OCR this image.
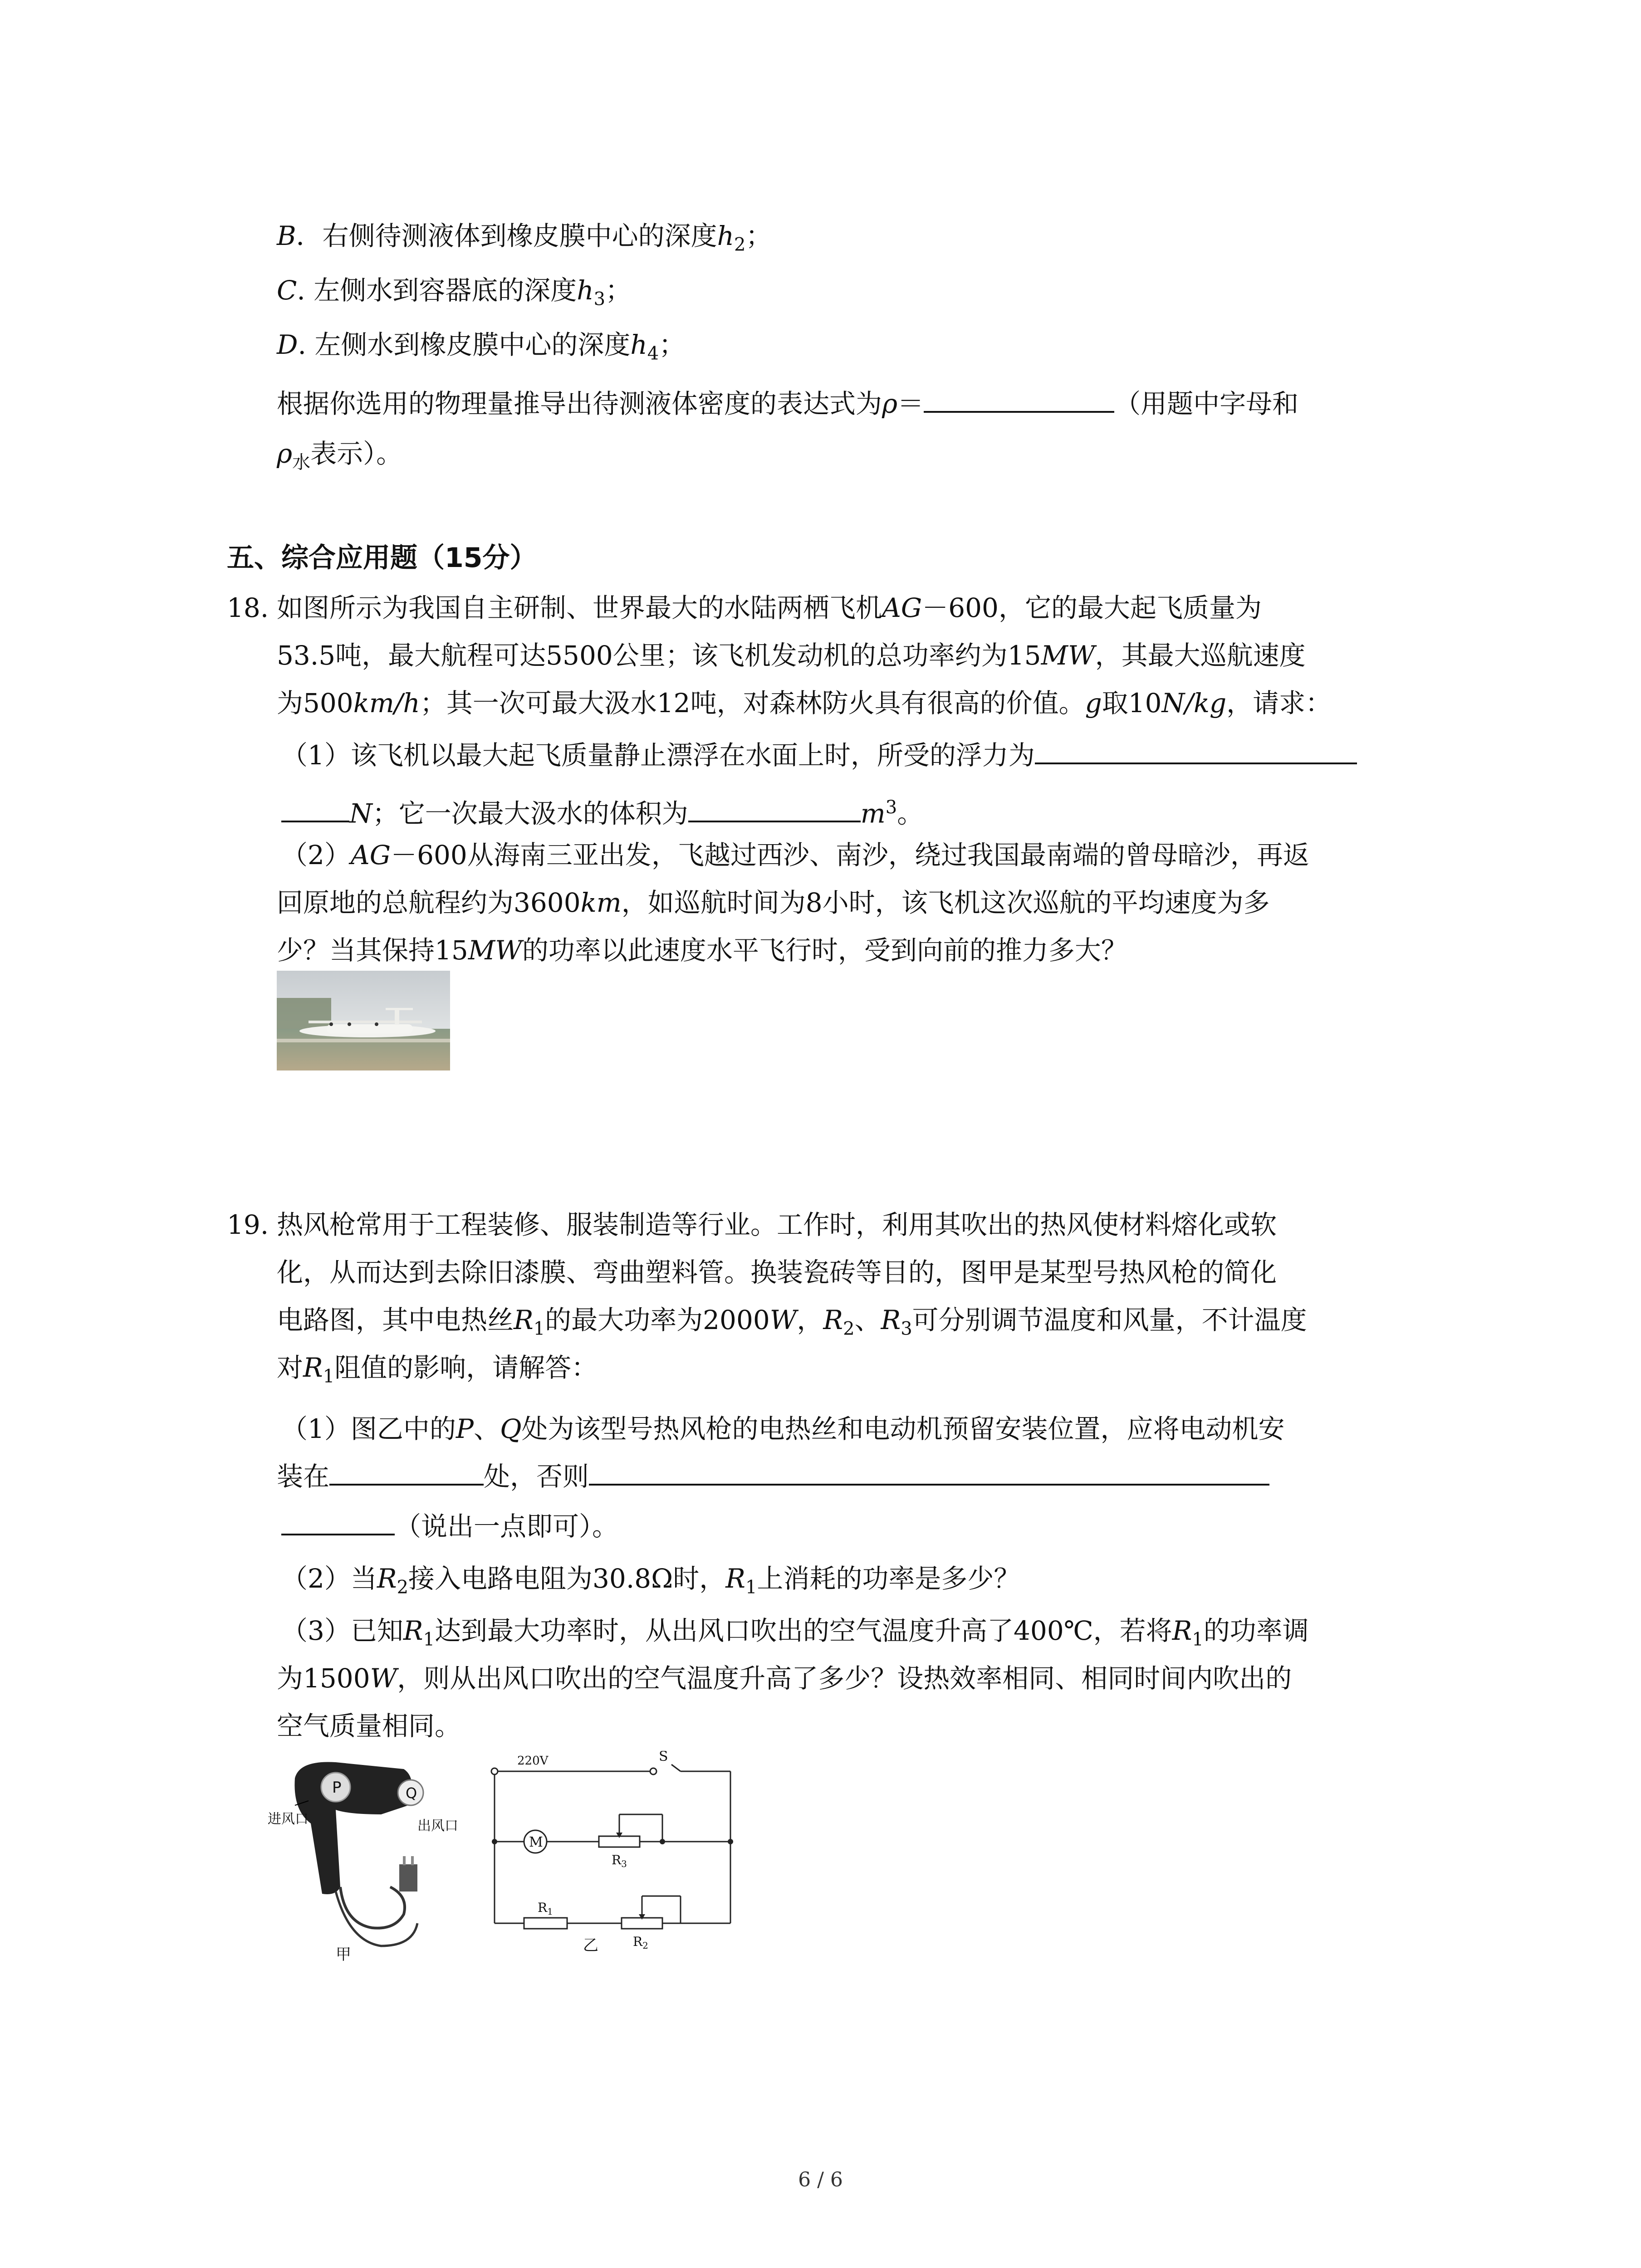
B．右侧待测液体到橡皮膜中心的深度$h_2$；
C. 左侧水到容器底的深度$h_3$；
D. 左侧水到橡皮膜中心的深度$h_4$；
根据你选用的物理量推导出待测液体密度的表达式为ρ＝	（用题中字母和
$\rho_水$表示）。
五、综合应用题（15分）
18. 如图所示为我国自主研制、世界最大的水陆两栖飞机AG－600，它的最大起飞质量为
53.5吨，最大航程可达5500公里；该飞机发动机的总功率约为15MW，其最大巡航速度
为500km/h；其一次可最大汲水12吨，对森林防火具有很高的价值。g取10N/kg，请求：
（1）该飞机以最大起飞质量静止漂浮在水面上时，所受的浮力为
N；它一次最大汲水的体积为	$m^3$。
（2）AG－600从海南三亚出发，飞越过西沙、南沙，绕过我国最南端的曾母暗沙，再返
回原地的总航程约为3600km，如巡航时间为8小时，该飞机这次巡航的平均速度为多
少？当其保持15MW的功率以此速度水平飞行时，受到向前的推力多大？
19. 热风枪常用于工程装修、服装制造等行业。工作时，利用其吹出的热风使材料熔化或软
化，从而达到去除旧漆膜、弯曲塑料管。换装瓷砖等目的，图甲是某型号热风枪的简化
电路图，其中电热丝$R_1$的最大功率为2000W，$R_2$、$R_3$可分别调节温度和风量，不计温度
对$R_1$阻值的影响，请解答：
（1）图乙中的P、Q处为该型号热风枪的电热丝和电动机预留安装位置，应将电动机安
装在	处，否则
（说出一点即可）。
（2）当$R_2$接入电路电阻为30.8Ω时，$R_1$上消耗的功率是多少？
（3）已知$R_1$达到最大功率时，从出风口吹出的空气温度升高了400℃，若将$R_1$的功率调
为1500W，则从出风口吹出的空气温度升高了多少？设热效率相同、相同时间内吹出的
空气质量相同。
P	Q
进风口	出风口
甲
220V	S
M
$R_3$
$R_1$
$R_2$
乙
6 / 6
